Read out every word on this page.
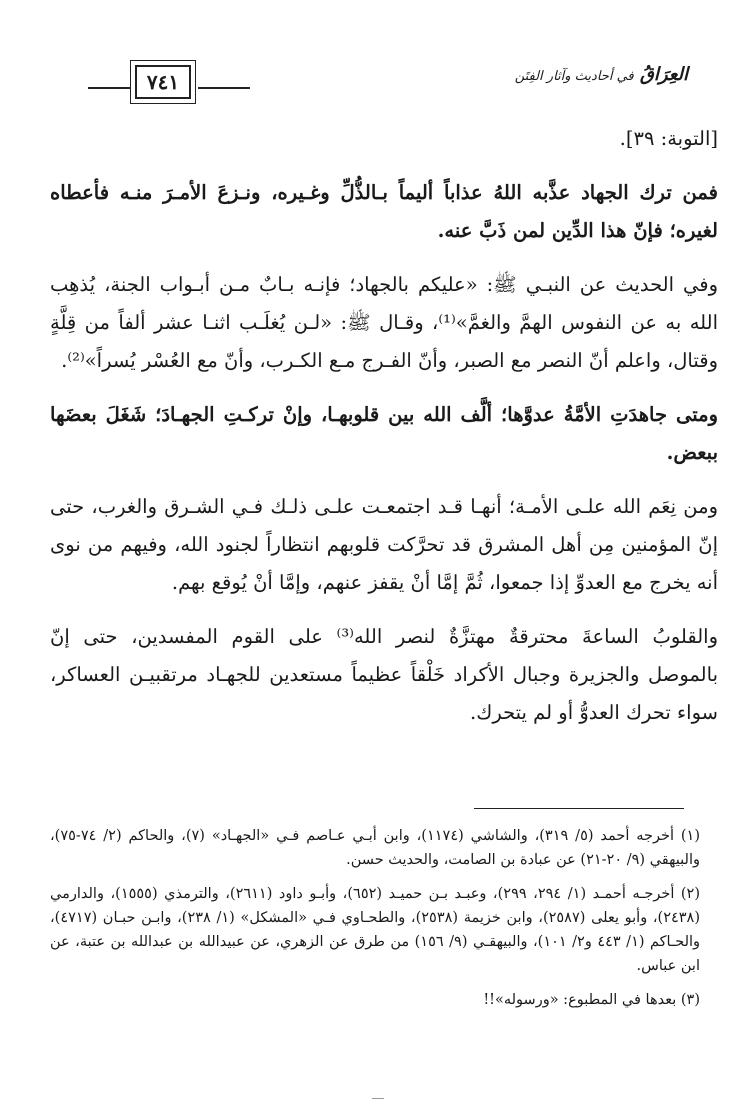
٧٤١	العِرَاقُ في أحاديث وآثار الفِتَن

[التوبة: ٣٩].

فمن ترك الجهاد عذَّبه اللهُ عذاباً أليماً بـالذُّلِّ وغـيره، ونـزعَ الأمـرَ منـه فأعطاه لغيره؛ فإنّ هذا الدِّين لمن ذَبَّ عنه.

وفي الحديث عن النبـي ﷺ: «عليكم بالجهاد؛ فإنـه بـابٌ مـن أبـواب الجنة، يُذهِب الله به عن النفوس الهمَّ والغمَّ»⁽¹⁾، وقـال ﷺ: «لـن يُغلَـب اثنـا عشر ألفاً من قِلَّةٍ وقتال، واعلم أنّ النصر مع الصبر، وأنّ الفـرج مـع الكـرب، وأنّ مع العُسْر يُسراً»⁽²⁾.

ومتى جاهدَتِ الأمَّةُ عدوَّها؛ ألَّف الله بين قلوبهـا، وإنْ تركـتِ الجهـادَ؛ شَغَلَ بعضَها ببعض.

ومن نِعَم الله علـى الأمـة؛ أنهـا قـد اجتمعـت علـى ذلـك فـي الشـرق والغرب، حتى إنّ المؤمنين مِن أهل المشرق قد تحرَّكت قلوبهم انتظاراً لجنود الله، وفيهم من نوى أنه يخرج مع العدوِّ إذا جمعوا، ثُمَّ إمَّا أنْ يقفز عنهم، وإمَّا أنْ يُوقع بهم.

والقلوبُ الساعةَ محترقةٌ مهتزَّةٌ لنصر الله⁽³⁾ على القوم المفسدين، حتى إنّ بالموصل والجزيرة وجبال الأكراد خَلْقاً عظيماً مستعدين للجهـاد مرتقبيـن العساكر، سواء تحرك العدوُّ أو لم يتحرك.

(١) أخرجه أحمد (٥/ ٣١٩)، والشاشي (١١٧٤)، وابن أبـي عـاصم فـي «الجهـاد» (٧)، والحاكم (٢/ ٧٤-٧٥)، والبيهقي (٩/ ٢٠-٢١) عن عبادة بن الصامت، والحديث حسن.

(٢) أخرجـه أحمـد (١/ ٢٩٤، ٢٩٩)، وعبـد بـن حميـد (٦٥٢)، وأبـو داود (٢٦١١)، والترمذي (١٥٥٥)، والدارمي (٢٤٣٨)، وأبو يعلى (٢٥٨٧)، وابن خزيمة (٢٥٣٨)، والطحـاوي فـي «المشكل» (١/ ٢٣٨)، وابـن حبـان (٤٧١٧)، والحـاكم (١/ ٤٤٣ و٢/ ١٠١)، والبيهقـي (٩/ ١٥٦) من طرق عن الزهري، عن عبيدالله بن عبدالله بن عتبة، عن ابن عباس.

(٣) بعدها في المطبوع: «ورسوله»!!
